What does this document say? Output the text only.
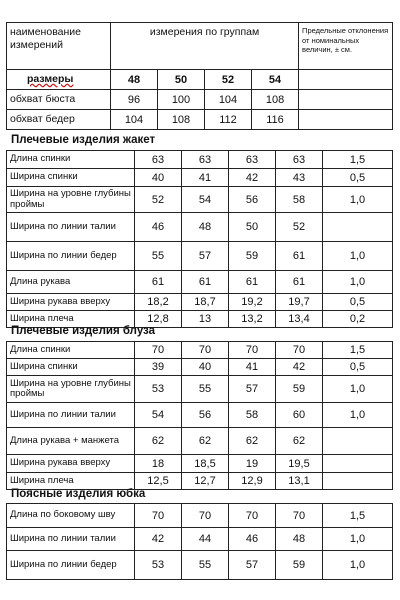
наименование измерений	измерения по группам				Предельные отклонения от номинальных величин, ± см.
размеры	48	50	52	54	
обхват бюста	96	100	104	108	
обхват бедер	104	108	112	116	
Плечевые изделия жакет
Длина спинки	63	63	63	63	1,5
Ширина спинки	40	41	42	43	0,5
Ширина на уровне глубины проймы	52	54	56	58	1,0
Ширина по линии талии	46	48	50	52	
Ширина по линии бедер	55	57	59	61	1,0
Длина рукава	61	61	61	61	1,0
Ширина рукава вверху	18,2	18,7	19,2	19,7	0,5
Ширина плеча	12,8	13	13,2	13,4	0,2
Плечевые изделия блуза
Длина спинки	70	70	70	70	1,5
Ширина спинки	39	40	41	42	0,5
Ширина на уровне глубины проймы	53	55	57	59	1,0
Ширина по линии талии	54	56	58	60	1,0
Длина рукава + манжета	62	62	62	62	
Ширина рукава вверху	18	18,5	19	19,5	
Ширина плеча	12,5	12,7	12,9	13,1	
Поясные изделия юбка
Длина по боковому шву	70	70	70	70	1,5
Ширина по линии талии	42	44	46	48	1,0
Ширина по линии бедер	53	55	57	59	1,0
